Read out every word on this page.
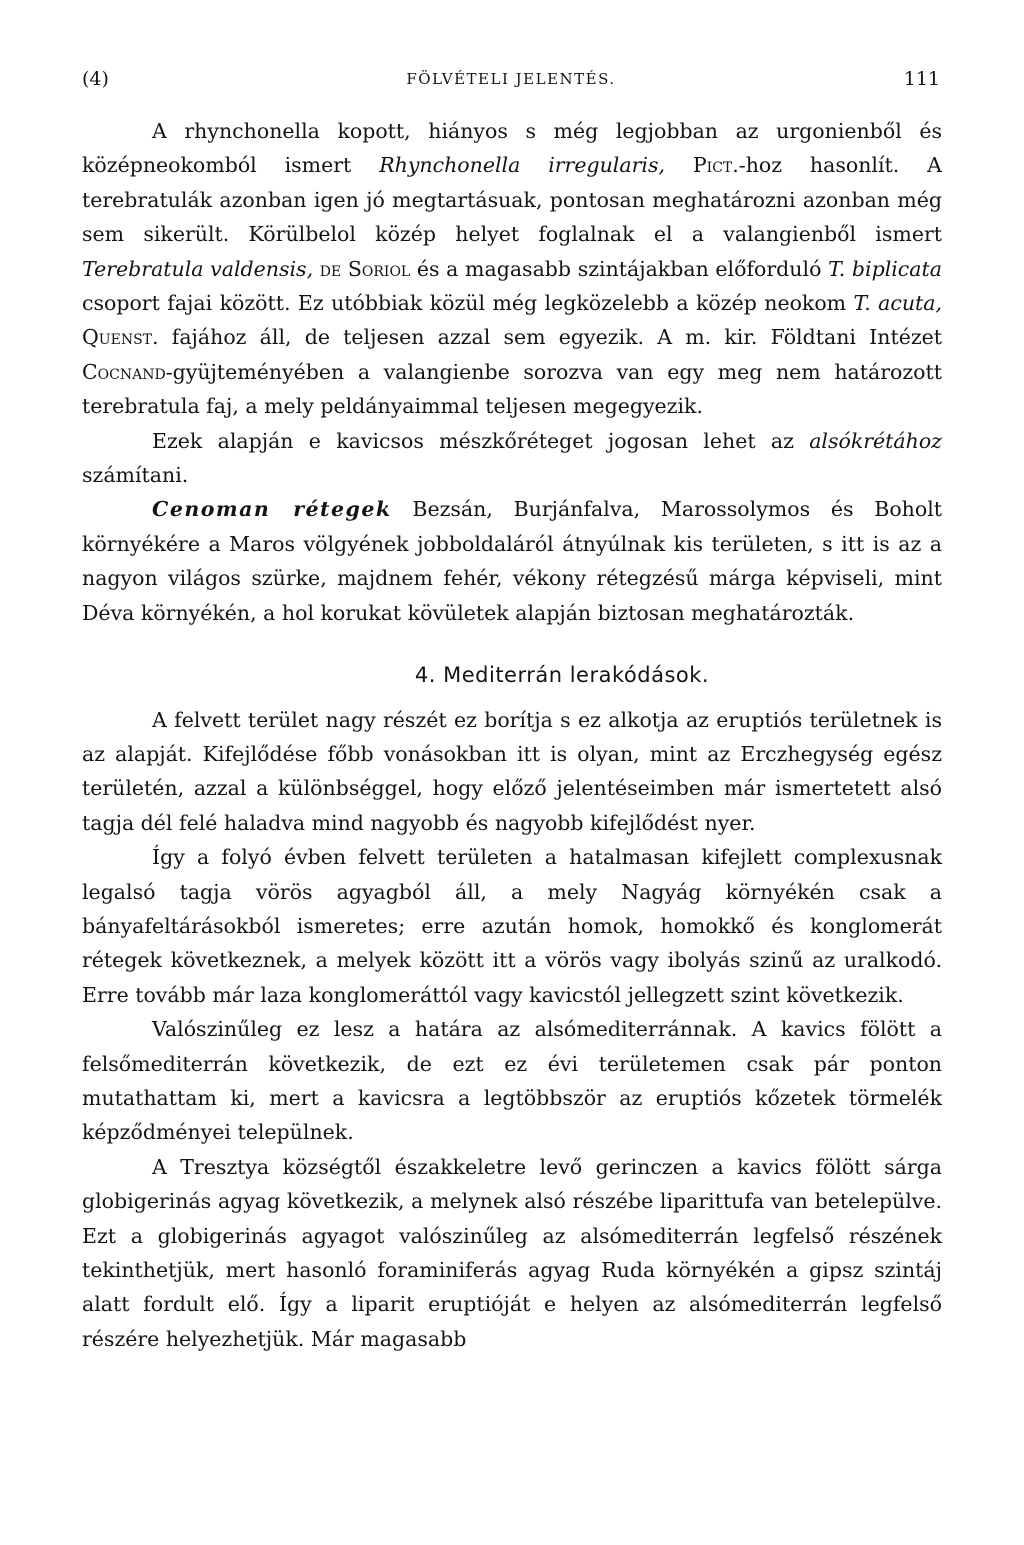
(4)	FÖLVÉTELI JELENTÉS.	111

A rhynchonella kopott, hiányos s még legjobban az urgonienből és középneokomból ismert Rhynchonella irregularis, Pict.-hoz hasonlít. A terebratulák azonban igen jó megtartásuak, pontosan meghatározni azonban még sem sikerült. Körülbelol közép helyet foglalnak el a valangienből ismert Terebratula valdensis, de Soriol és a magasabb szintájakban előforduló T. biplicata csoport fajai között. Ez utóbbiak közül még legközelebb a közép neokom T. acuta, Quenst. fajához áll, de teljesen azzal sem egyezik. A m. kir. Földtani Intézet Cocnand-gyüjteményében a valangienbe sorozva van egy meg nem határozott terebratula faj, a mely peldányaimmal teljesen megegyezik.

Ezek alapján e kavicsos mészkőréteget jogosan lehet az alsókrétához számítani.

Cenoman rétegek Bezsán, Burjánfalva, Marossolymos és Boholt környékére a Maros völgyének jobboldaláról átnyúlnak kis területen, s itt is az a nagyon világos szürke, majdnem fehér, vékony rétegzésű márga képviseli, mint Déva környékén, a hol korukat kövületek alapján biztosan meghatározták.

4. Mediterrán lerakódások.

A felvett terület nagy részét ez borítja s ez alkotja az eruptiós területnek is az alapját. Kifejlődése főbb vonásokban itt is olyan, mint az Erczhegység egész területén, azzal a különbséggel, hogy előző jelentéseimben már ismertetett alsó tagja dél felé haladva mind nagyobb és nagyobb kifejlődést nyer.

Így a folyó évben felvett területen a hatalmasan kifejlett complexusnak legalsó tagja vörös agyagból áll, a mely Nagyág környékén csak a bányafeltárásokból ismeretes; erre azután homok, homokkő és konglomerát rétegek következnek, a melyek között itt a vörös vagy ibolyás szinű az uralkodó. Erre tovább már laza konglomeráttól vagy kavicstól jellegzett szint következik.

Valószinűleg ez lesz a határa az alsómediterránnak. A kavics fölött a felsőmediterrán következik, de ezt ez évi területemen csak pár ponton mutathattam ki, mert a kavicsra a legtöbbször az eruptiós kőzetek törmelék képződményei települnek.

A Tresztya községtől északkeletre levő gerinczen a kavics fölött sárga globigerinás agyag következik, a melynek alsó részébe liparittufa van betelepülve. Ezt a globigerinás agyagot valószinűleg az alsómediterrán legfelső részének tekinthetjük, mert hasonló foraminiferás agyag Ruda környékén a gipsz szintáj alatt fordult elő. Így a liparit eruptióját e helyen az alsómediterrán legfelső részére helyezhetjük. Már magasabb
